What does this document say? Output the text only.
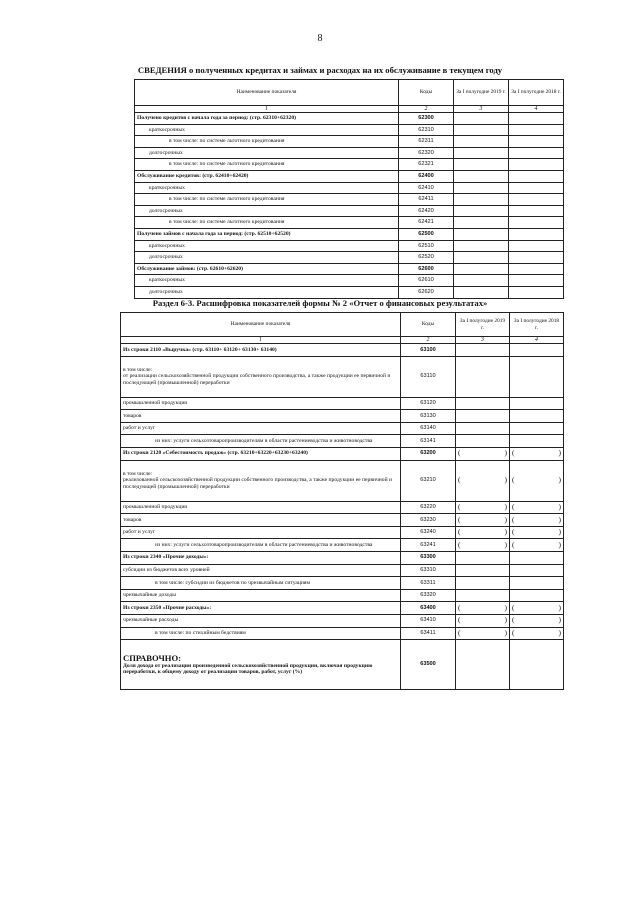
8
СВЕДЕНИЯ о полученных кредитах и займах и расходах на их обслуживание в текущем году
Наименование показателя	Коды	За I полугодие 2019 г.	За I полугодие 2018 г.
1	2	3	4
Получено кредитов с начала года за период: (стр. 62310+62320)	62300		
краткосрочных	62310		
в том числе: по системе льготного кредитования	62311		
долгосрочных	62320		
в том числе: по системе льготного кредитования	62321		
Обслуживание кредитов: (стр. 62410+62420)	62400		
краткосрочных	62410		
в том числе: по системе льготного кредитования	62411		
долгосрочных	62420		
в том числе: по системе льготного кредитования	62421		
Получено займов с начала года за период: (стр. 62510+62520)	62500		
краткосрочных	62510		
долгосрочных	62520		
Обслуживание займов: (стр. 62610+62620)	62600		
краткосрочных	62610		
долгосрочных	62620		
Раздел 6-3. Расшифровка показателей формы № 2 «Отчет о финансовых результатах»
Наименование показателя	Коды	За I полугодие 2019 г.	За I полугодие 2018 г.
1	2	3	4
Из строки 2110 «Выручка» (стр. 63110+ 63120+ 63130+ 63140)	63100		
в том числе:
от реализации сельскохозяйственной продукции собственного производства, а также продукции ее первичной и последующей (промышленной) переработки	63110		
промышленной продукции	63120		
товаров	63130		
работ и услуг	63140		
из них: услуги сельхозтоваропроизводителям в области растениеводства и животноводства	63141		
Из строки 2120 «Себестоимость продаж» (стр. 63210+63220+63230+63240)	63200	( )	( )

в том числе:
реализованной сельскохозяйственной продукции собственного производства, а также продукции ее первичной и последующей (промышленной) переработки	63210	( )	( )

промышленной продукции	63220	( )	( )

товаров	63230	( )	( )

работ и услуг	63240	( )	( )

из них: услуги сельхозтоваропроизводителям в области растениеводства и животноводства	63241	( )	( )

Из строки 2340 «Прочие доходы»:	63300		
субсидии из бюджетов всех уровней	63310		
в том числе: субсидии из бюджетов по чрезвычайным ситуациям	63311		
чрезвычайные доходы	63320		
Из строки 2350 «Прочие расходы»:	63400	( )	( )

чрезвычайные расходы	63410	( )	( )

в том числе: по стихийным бедствиям	63411	( )	( )

СПРАВОЧНО:
Доля дохода от реализации произведенной сельскохозяйственной продукции, включая продукцию переработки, к общему доходу от реализации товаров, работ, услуг (%)	63500		
